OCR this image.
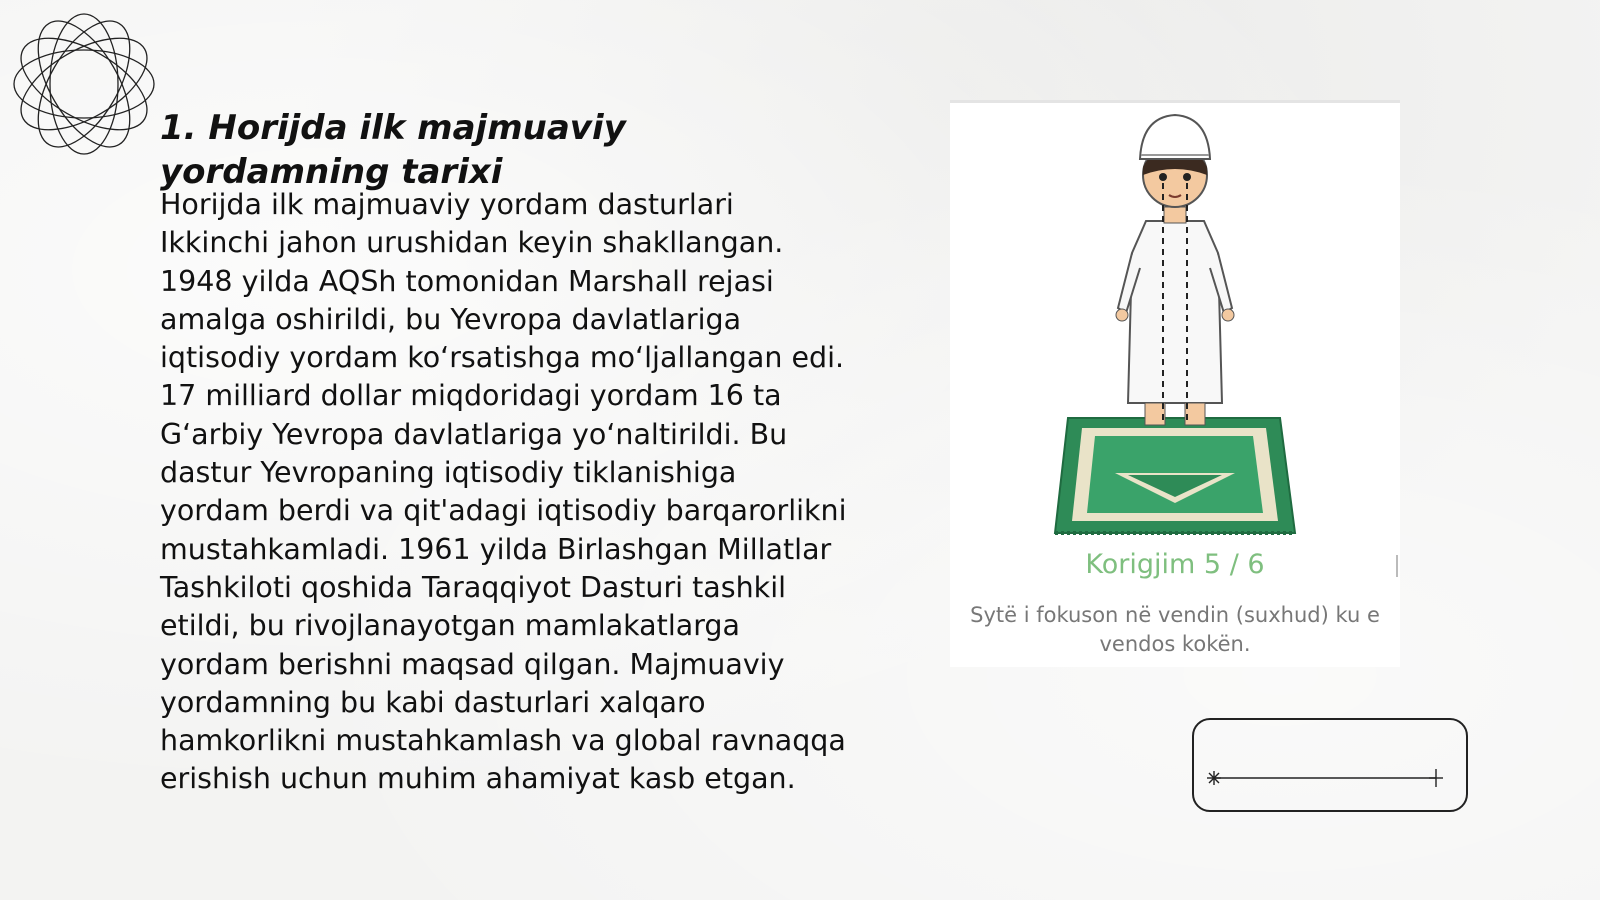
1. Horijda ilk majmuaviy yordamning tarixi

Horijda ilk majmuaviy yordam dasturlari Ikkinchi jahon urushidan keyin shakllangan. 1948 yilda AQSh tomonidan Marshall rejasi amalga oshirildi, bu Yevropa davlatlariga iqtisodiy yordam ko‘rsatishga mo‘ljallangan edi. 17 milliard dollar miqdoridagi yordam 16 ta G‘arbiy Yevropa davlatlariga yo‘naltirildi. Bu dastur Yevropaning iqtisodiy tiklanishiga yordam berdi va qit'adagi iqtisodiy barqarorlikni mustahkamladi. 1961 yilda Birlashgan Millatlar Tashkiloti qoshida Taraqqiyot Dasturi tashkil etildi, bu rivojlanayotgan mamlakatlarga yordam berishni maqsad qilgan. Majmuaviy yordamning bu kabi dasturlari xalqaro hamkorlikni mustahkamlash va global ravnaqqa erishish uchun muhim ahamiyat kasb etgan.

Korigjim 5 / 6
Sytë i fokuson në vendin (suxhud) ku e vendos kokën.
